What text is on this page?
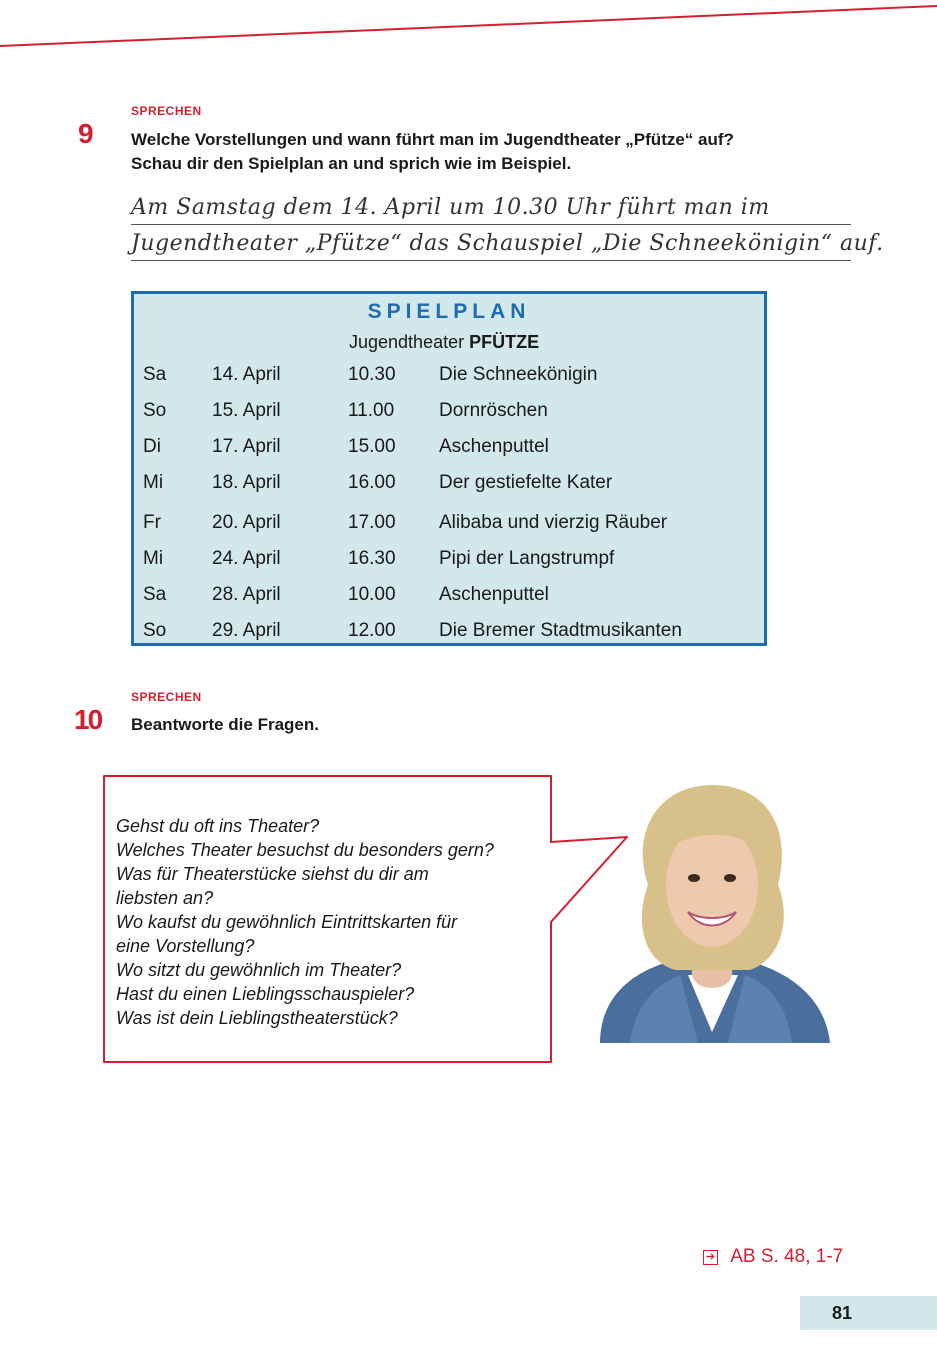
SPRECHEN
9 Welche Vorstellungen und wann führt man im Jugendtheater „Pfütze“ auf?
Schau dir den Spielplan an und sprich wie im Beispiel.
Am Samstag dem 14. April um 10.30 Uhr führt man im
Jugendtheater „Pfütze“ das Schauspiel „Die Schneekönigin“ auf.
SPIELPLAN
Jugendtheater PFÜTZE
Sa 14. April	10.30 Die Schneekönigin
So 15. April	11.00 Dornröschen
Di	17. April	15.00 Aschenputtel
Mi	18. April	16.00 Der gestiefelte Kater
Fr	20. April	17.00 Alibaba und vierzig Räuber
Mi	24. April	16.30 Pipi der Langstrumpf
Sa 28. April	10.00 Aschenputtel
So 29. April	12.00 Die Bremer Stadtmusikanten
SPRECHEN
10 Beantworte die Fragen.
Gehst du oft ins Theater?
Welches Theater besuchst du besonders gern?
Was für Theaterstücke siehst du dir am
liebsten an?
Wo kaufst du gewöhnlich Eintrittskarten für
eine Vorstellung?
Wo sitzt du gewöhnlich im Theater?
Hast du einen Lieblingsschauspieler?
Was ist dein Lieblingstheaterstück?
➔ AB S. 48, 1-7
81
